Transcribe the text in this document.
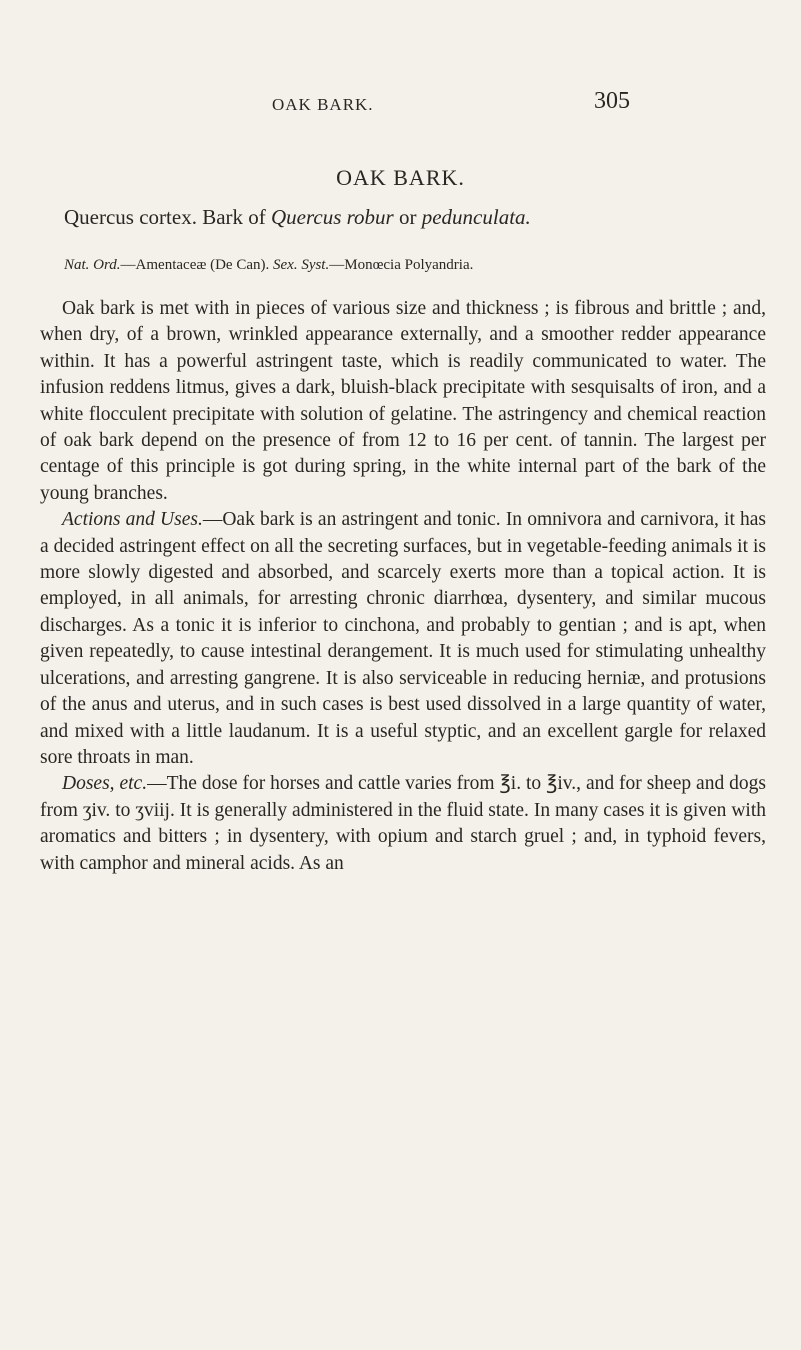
OAK BARK.	305
OAK BARK.

Quercus cortex. Bark of Quercus robur or pedunculata.

Nat. Ord.—Amentaceæ (De Can). Sex. Syst.—Monœcia Polyandria.

Oak bark is met with in pieces of various size and thickness ; is fibrous and brittle ; and, when dry, of a brown, wrinkled appearance externally, and a smoother redder appearance within. It has a powerful astringent taste, which is readily communicated to water. The infusion reddens litmus, gives a dark, bluish-black precipitate with sesquisalts of iron, and a white flocculent precipitate with solution of gelatine. The astringency and chemical reaction of oak bark depend on the presence of from 12 to 16 per cent. of tannin. The largest per centage of this principle is got during spring, in the white internal part of the bark of the young branches.

Actions and Uses.—Oak bark is an astringent and tonic. In omnivora and carnivora, it has a decided astringent effect on all the secreting surfaces, but in vegetable-feeding animals it is more slowly digested and absorbed, and scarcely exerts more than a topical action. It is employed, in all animals, for arresting chronic diarrhœa, dysentery, and similar mucous discharges. As a tonic it is inferior to cinchona, and probably to gentian ; and is apt, when given repeatedly, to cause intestinal derangement. It is much used for stimulating unhealthy ulcerations, and arresting gangrene. It is also serviceable in reducing herniæ, and protusions of the anus and uterus, and in such cases is best used dissolved in a large quantity of water, and mixed with a little laudanum. It is a useful styptic, and an excellent gargle for relaxed sore throats in man.

Doses, etc.—The dose for horses and cattle varies from ℥i. to ℥iv., and for sheep and dogs from ʒiv. to ʒviij. It is generally administered in the fluid state. In many cases it is given with aromatics and bitters ; in dysentery, with opium and starch gruel ; and, in typhoid fevers, with camphor and mineral acids. As an
